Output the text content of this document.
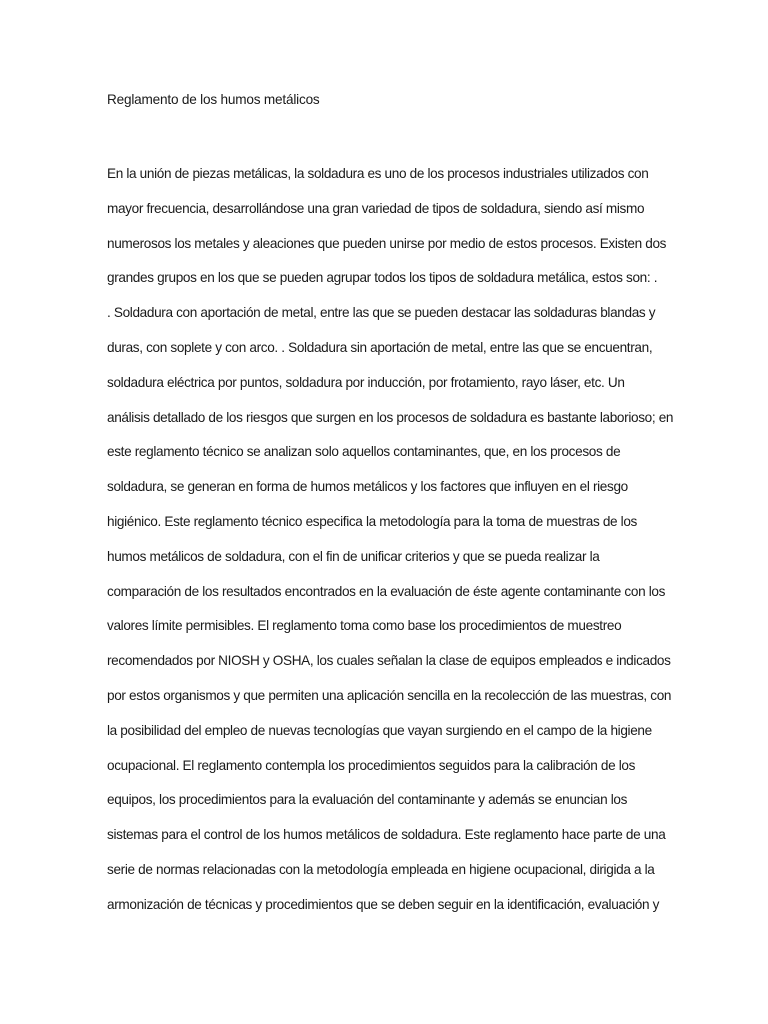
Reglamento de los humos metálicos
En la unión de piezas metálicas, la soldadura es uno de los procesos industriales utilizados con
mayor frecuencia, desarrollándose una gran variedad de tipos de soldadura, siendo así mismo
numerosos los metales y aleaciones que pueden unirse por medio de estos procesos. Existen dos
grandes grupos en los que se pueden agrupar todos los tipos de soldadura metálica, estos son: .
. Soldadura con aportación de metal, entre las que se pueden destacar las soldaduras blandas y
duras, con soplete y con arco. . Soldadura sin aportación de metal, entre las que se encuentran,
soldadura eléctrica por puntos, soldadura por inducción, por frotamiento, rayo láser, etc. Un
análisis detallado de los riesgos que surgen en los procesos de soldadura es bastante laborioso; en
este reglamento técnico se analizan solo aquellos contaminantes, que, en los procesos de
soldadura, se generan en forma de humos metálicos y los factores que influyen en el riesgo
higiénico. Este reglamento técnico especifica la metodología para la toma de muestras de los
humos metálicos de soldadura, con el fin de unificar criterios y que se pueda realizar la
comparación de los resultados encontrados en la evaluación de éste agente contaminante con los
valores límite permisibles. El reglamento toma como base los procedimientos de muestreo
recomendados por NIOSH y OSHA, los cuales señalan la clase de equipos empleados e indicados
por estos organismos y que permiten una aplicación sencilla en la recolección de las muestras, con
la posibilidad del empleo de nuevas tecnologías que vayan surgiendo en el campo de la higiene
ocupacional. El reglamento contempla los procedimientos seguidos para la calibración de los
equipos, los procedimientos para la evaluación del contaminante y además se enuncian los
sistemas para el control de los humos metálicos de soldadura. Este reglamento hace parte de una
serie de normas relacionadas con la metodología empleada en higiene ocupacional, dirigida a la
armonización de técnicas y procedimientos que se deben seguir en la identificación, evaluación y
